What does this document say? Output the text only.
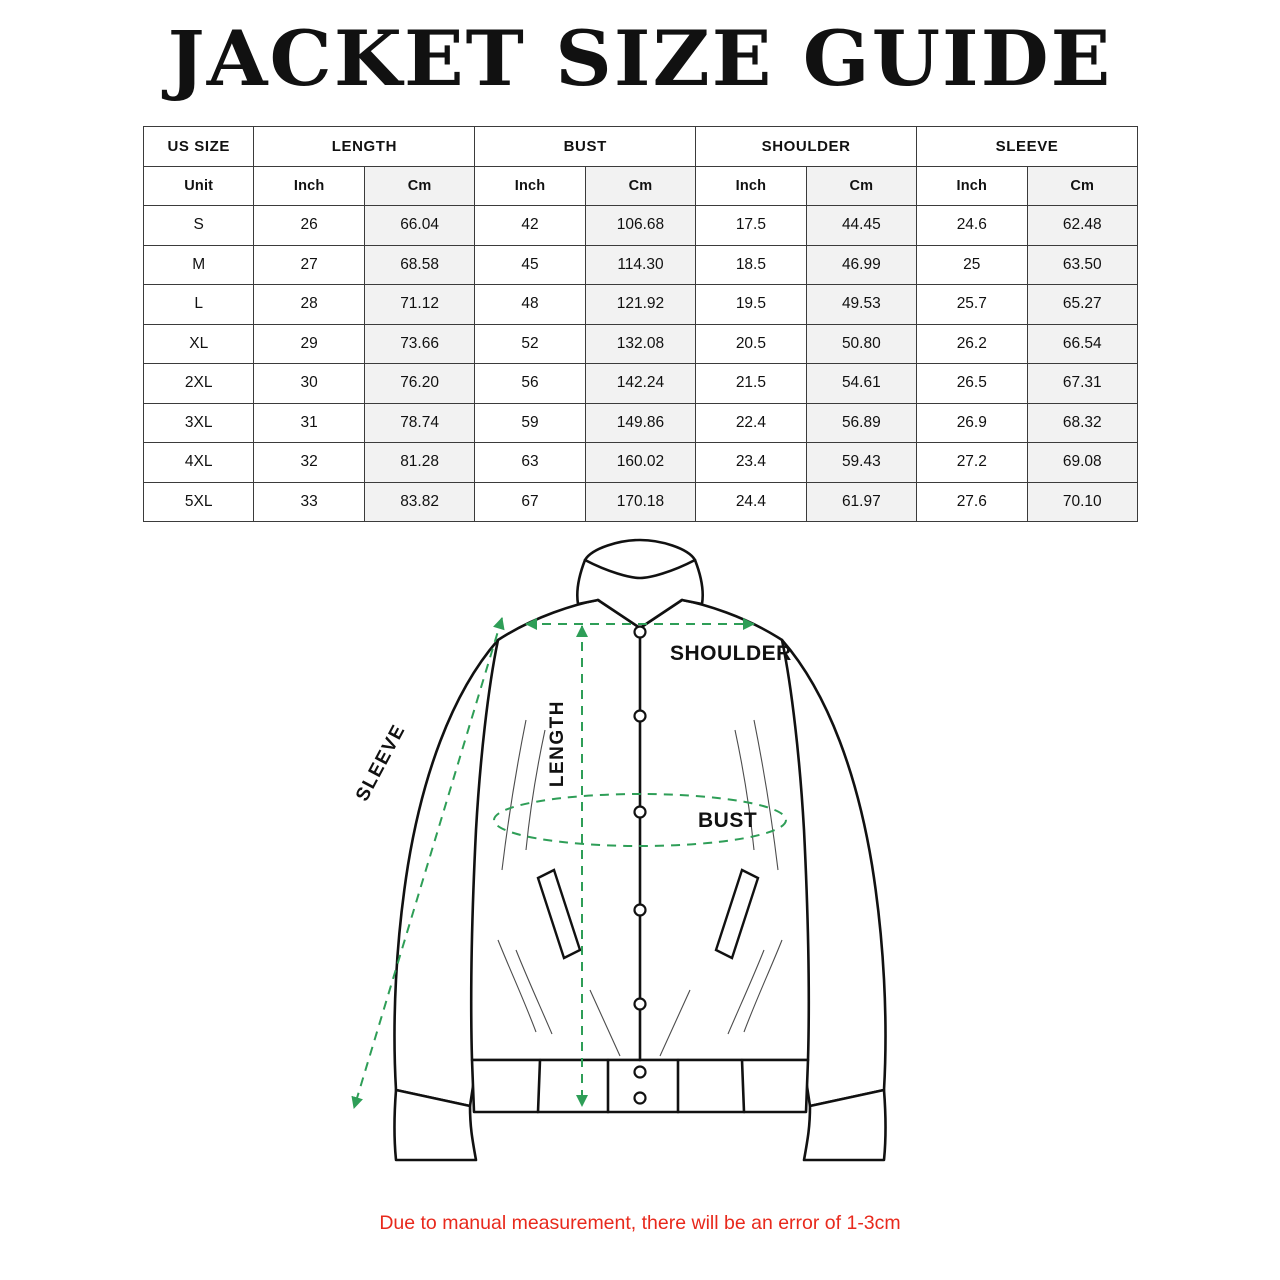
JACKET SIZE GUIDE
US SIZE	LENGTH		BUST		SHOULDER		SLEEVE	
Unit	Inch	Cm	Inch	Cm	Inch	Cm	Inch	Cm
S	26	66.04	42	106.68	17.5	44.45	24.6	62.48
M	27	68.58	45	114.30	18.5	46.99	25	63.50
L	28	71.12	48	121.92	19.5	49.53	25.7	65.27
XL	29	73.66	52	132.08	20.5	50.80	26.2	66.54
2XL	30	76.20	56	142.24	21.5	54.61	26.5	67.31
3XL	31	78.74	59	149.86	22.4	56.89	26.9	68.32
4XL	32	81.28	63	160.02	23.4	59.43	27.2	69.08
5XL	33	83.82	67	170.18	24.4	61.97	27.6	70.10
SHOULDER
BUST
LENGTH
SLEEVE
Due to manual measurement, there will be an error of 1-3cm
